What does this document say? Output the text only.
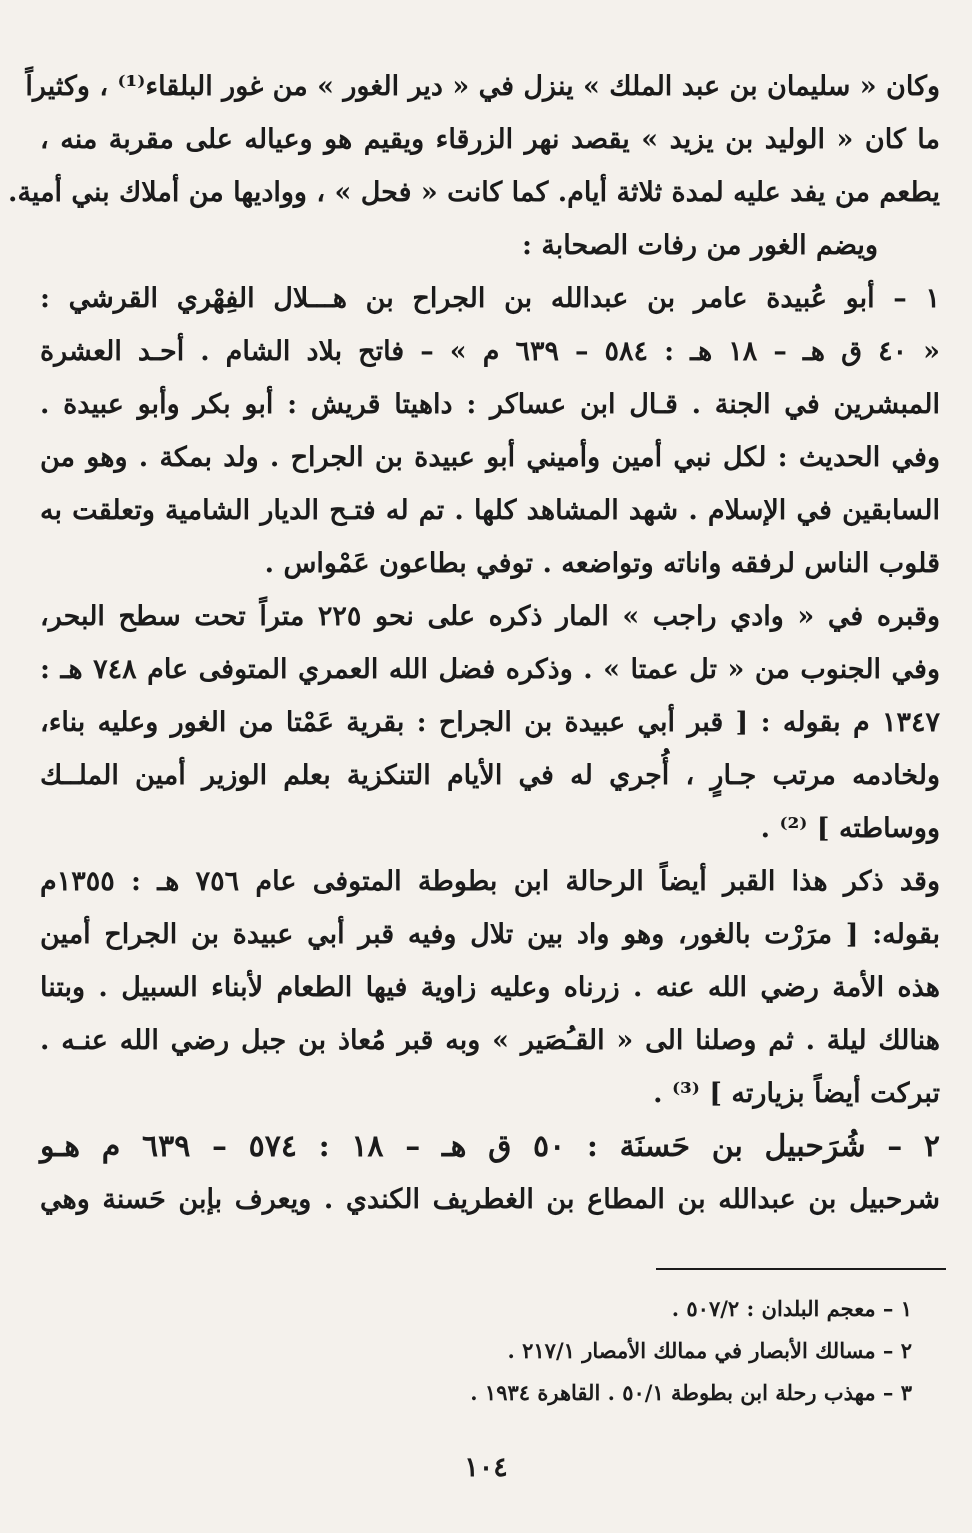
وكان « سليمان بن عبد الملك » ينزل في « دير الغور » من غور البلقاء⁽¹⁾ ، وكثيراً
ما كان « الوليد بن يزيد » يقصد نهر الزرقاء ويقيم هو وعياله على مقربة منه ،
يطعم من يفد عليه لمدة ثلاثة أيام. كما كانت « فحل » ، وواديها من أملاك بني أمية.
ويضم الغور من رفات الصحابة :
١ – أبو عُبيدة عامر بن عبدالله بن الجراح بن هـــلال الفِهْري القرشي :
« ٤٠ ق هـ – ١٨ هـ : ٥٨٤ – ٦٣٩ م » – فاتح بلاد الشام . أحـد العشرة
المبشرين في الجنة . قـال ابن عساكر : داهيتا قريش : أبو بكر وأبو عبيدة .
وفي الحديث : لكل نبي أمين وأميني أبو عبيدة بن الجراح . ولد بمكة . وهو من
السابقين في الإسلام . شهد المشاهد كلها . تم له فتـح الديار الشامية وتعلقت به
قلوب الناس لرفقه واناته وتواضعه . توفي بطاعون عَمْواس .
وقبره في « وادي راجب » المار ذكره على نحو ٢٢٥ متراً تحت سطح البحر،
وفي الجنوب من « تل عمتا » . وذكره فضل الله العمري المتوفى عام ٧٤٨ هـ :
١٣٤٧ م بقوله : [ قبر أبي عبيدة بن الجراح : بقرية عَمْتا من الغور وعليه بناء،
ولخادمه مرتب جـارٍ ، أُجري له في الأيام التنكزية بعلم الوزير أمين الملــك
ووساطته ] ⁽²⁾ .
وقد ذكر هذا القبر أيضاً الرحالة ابن بطوطة المتوفى عام ٧٥٦ هـ : ١٣٥٥م
بقوله: [ مرَرْت بالغور، وهو واد بين تلال وفيه قبر أبي عبيدة بن الجراح أمين
هذه الأمة رضي الله عنه . زرناه وعليه زاوية فيها الطعام لأبناء السبيل . وبتنا
هنالك ليلة . ثم وصلنا الى « القـُصَير » وبه قبر مُعاذ بن جبل رضي الله عنـه .
تبركت أيضاً بزيارته ] ⁽³⁾ .
٢ – شُرَحبيل بن حَسنَة : ٥٠ ق هـ – ١٨ : ٥٧٤ – ٦٣٩ م هـو
شرحبيل بن عبدالله بن المطاع بن الغطريف الكندي . ويعرف بإبن حَسنة وهي
١ – معجم البلدان : ٥٠٧/٢ .
٢ – مسالك الأبصار في ممالك الأمصار ٢١٧/١ .
٣ – مهذب رحلة ابن بطوطة ٥٠/١ . القاهرة ١٩٣٤ .
١٠٤
